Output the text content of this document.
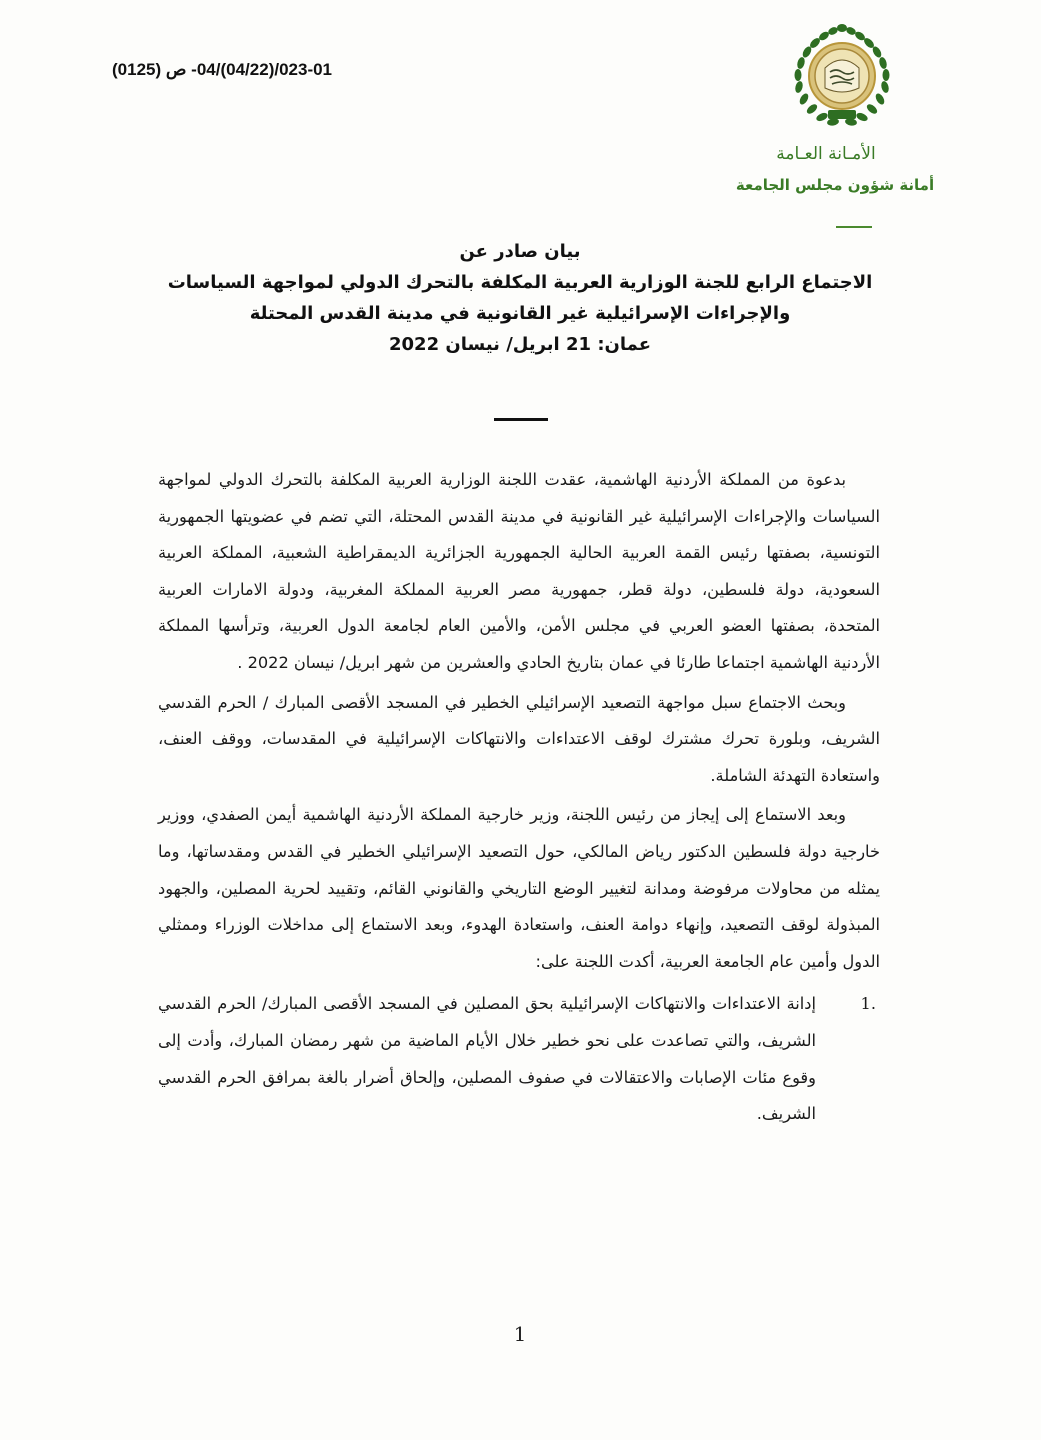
023-01/(04/22)/04- ص (0125)
الأمـانة العـامة
أمانة شؤون مجلس الجامعة
بيان صادر عن
الاجتماع الرابع للجنة الوزارية العربية المكلفة بالتحرك الدولي لمواجهة السياسات
والإجراءات الإسرائيلية غير القانونية في مدينة القدس المحتلة
عمان: 21 ابريل/ نيسان 2022

بدعوة من المملكة الأردنية الهاشمية، عقدت اللجنة الوزارية العربية المكلفة بالتحرك الدولي لمواجهة السياسات والإجراءات الإسرائيلية غير القانونية في مدينة القدس المحتلة، التي تضم في عضويتها الجمهورية التونسية، بصفتها رئيس القمة العربية الحالية الجمهورية الجزائرية الديمقراطية الشعبية، المملكة العربية السعودية، دولة فلسطين، دولة قطر، جمهورية مصر العربية المملكة المغربية، ودولة الامارات العربية المتحدة، بصفتها العضو العربي في مجلس الأمن، والأمين العام لجامعة الدول العربية، وترأسها المملكة الأردنية الهاشمية اجتماعا طارئا في عمان بتاريخ الحادي والعشرين من شهر ابريل/ نيسان 2022 .

وبحث الاجتماع سبل مواجهة التصعيد الإسرائيلي الخطير في المسجد الأقصى المبارك / الحرم القدسي الشريف، وبلورة تحرك مشترك لوقف الاعتداءات والانتهاكات الإسرائيلية في المقدسات، ووقف العنف، واستعادة التهدئة الشاملة.

وبعد الاستماع إلى إيجاز من رئيس اللجنة، وزير خارجية المملكة الأردنية الهاشمية أيمن الصفدي، ووزير خارجية دولة فلسطين الدكتور رياض المالكي، حول التصعيد الإسرائيلي الخطير في القدس ومقدساتها، وما يمثله من محاولات مرفوضة ومدانة لتغيير الوضع التاريخي والقانوني القائم، وتقييد لحرية المصلين، والجهود المبذولة لوقف التصعيد، وإنهاء دوامة العنف، واستعادة الهدوء، وبعد الاستماع إلى مداخلات الوزراء وممثلي الدول وأمين عام الجامعة العربية، أكدت اللجنة على:

1.
إدانة الاعتداءات والانتهاكات الإسرائيلية بحق المصلين في المسجد الأقصى المبارك/ الحرم القدسي الشريف، والتي تصاعدت على نحو خطير خلال الأيام الماضية من شهر رمضان المبارك، وأدت إلى وقوع مئات الإصابات والاعتقالات في صفوف المصلين، وإلحاق أضرار بالغة بمرافق الحرم القدسي الشريف.
1
